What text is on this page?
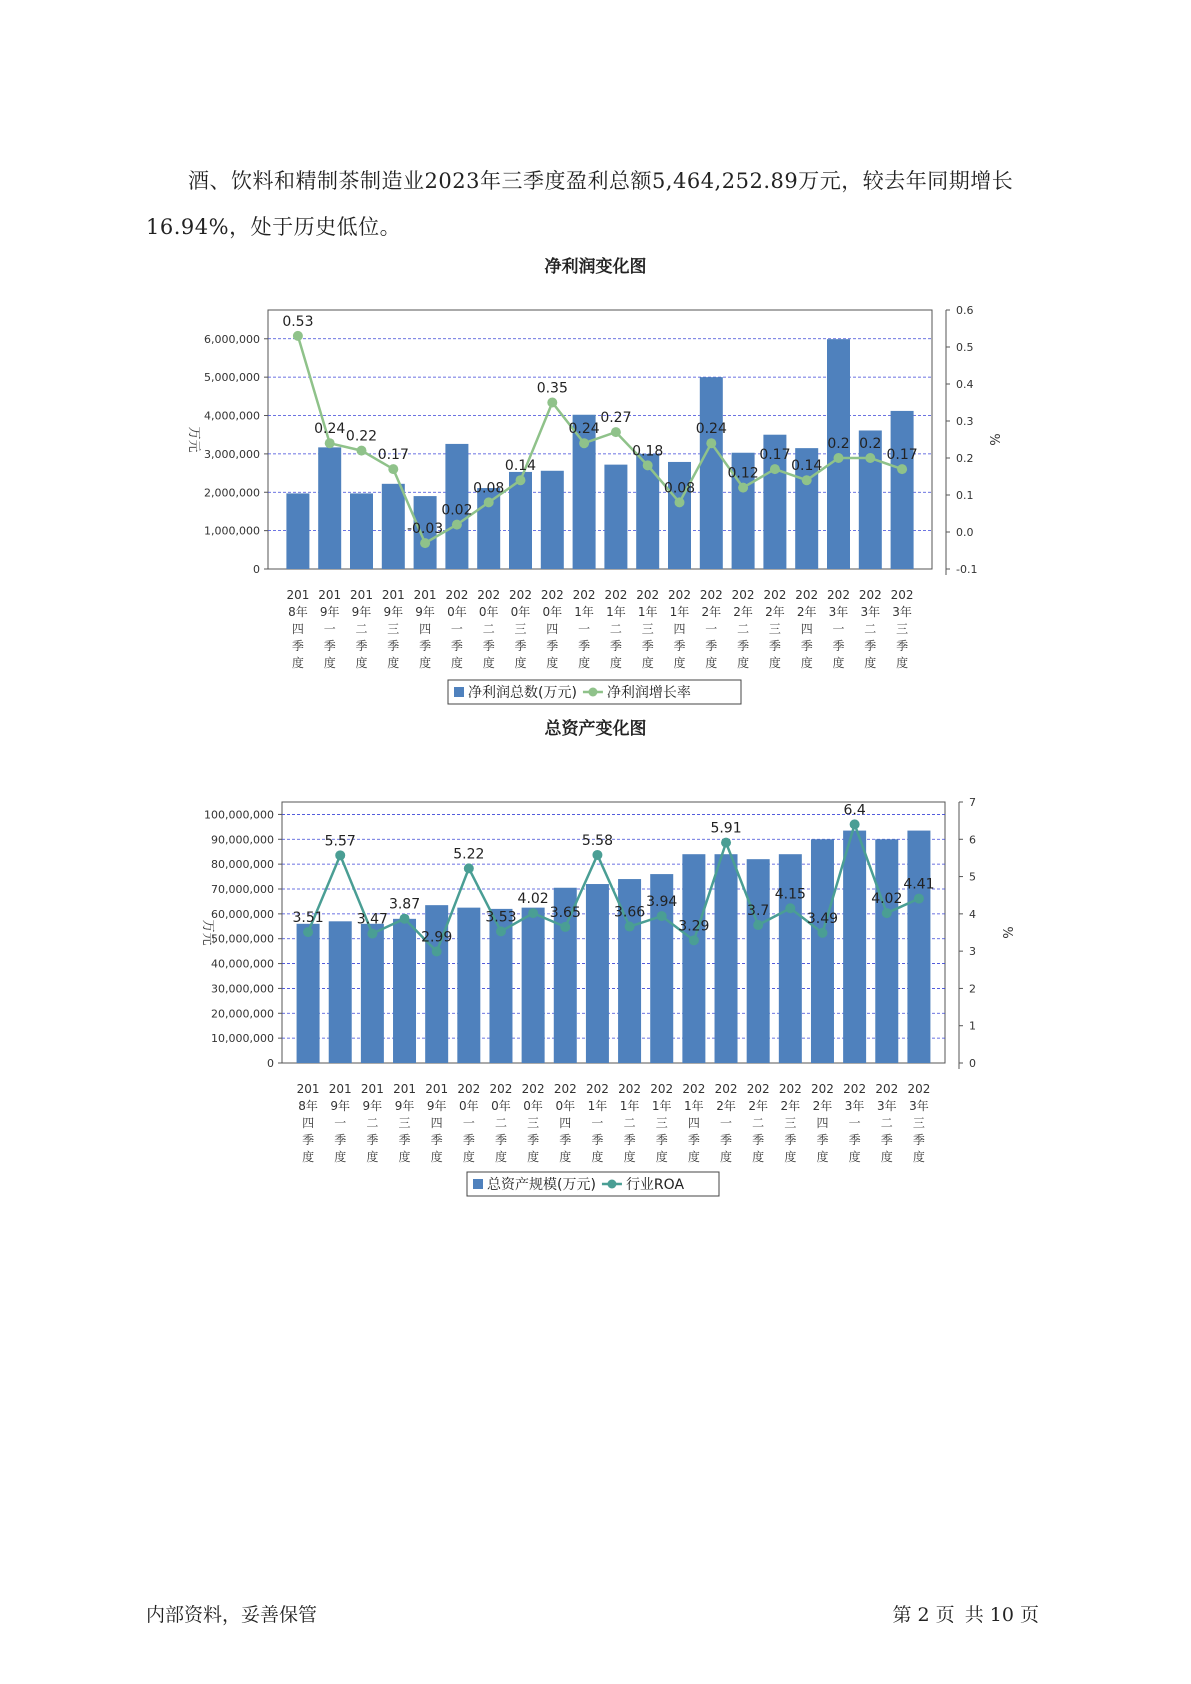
酒、饮料和精制茶制造业2023年三季度盈利总额5,464,252.89万元，较去年同期增长16.94%，处于历史低位。

净利润变化图
0
1,000,000
2,000,000
3,000,000
4,000,000
5,000,000
6,000,000
-0.1
0.0
0.1
0.2
0.3
0.4
0.5
0.6
万元	%
201 8年四季度
201 9年一季度
201 9年二季度
201 9年三季度
201 9年四季度
202 0年一季度
202 0年二季度
202 0年三季度
202 0年四季度
202 1年一季度
202 1年二季度
202 1年三季度
202 1年四季度
202 2年一季度
202 2年二季度
202 2年三季度
202 2年四季度
202 3年一季度
202 3年二季度
202 3年三季度
0.53
0.24 0.22
0.17
-0.03
0.02
0.08
0.14
0.35
0.24
0.27
0.18
0.08
0.24
0.12
0.17
0.14
0.2 0.2
0.17
净利润总数(万元) 净利润增长率
总资产变化图
0
10,000,000
20,000,000
30,000,000
40,000,000
50,000,000
60,000,000
70,000,000
80,000,000
90,000,000
100,000,000
0
1
2
3
4
5
6
7
万元	%
201 8年四季度
201 9年一季度
201 9年二季度
201 9年三季度
201 9年四季度
202 0年一季度
202 0年二季度
202 0年三季度
202 0年四季度
202 1年一季度
202 1年二季度
202 1年三季度
202 1年四季度
202 2年一季度
202 2年二季度
202 2年三季度
202 2年四季度
202 3年一季度
202 3年二季度
202 3年三季度
3.51
5.57
3.47
3.87
2.99
5.22
3.53
4.02
3.65
5.58
3.66
3.94
3.29
5.91
3.7
4.15
3.49
6.4
4.02
4.41
总资产规模(万元) 行业ROA
内部资料，妥善保管	第 2 页 共 10 页
